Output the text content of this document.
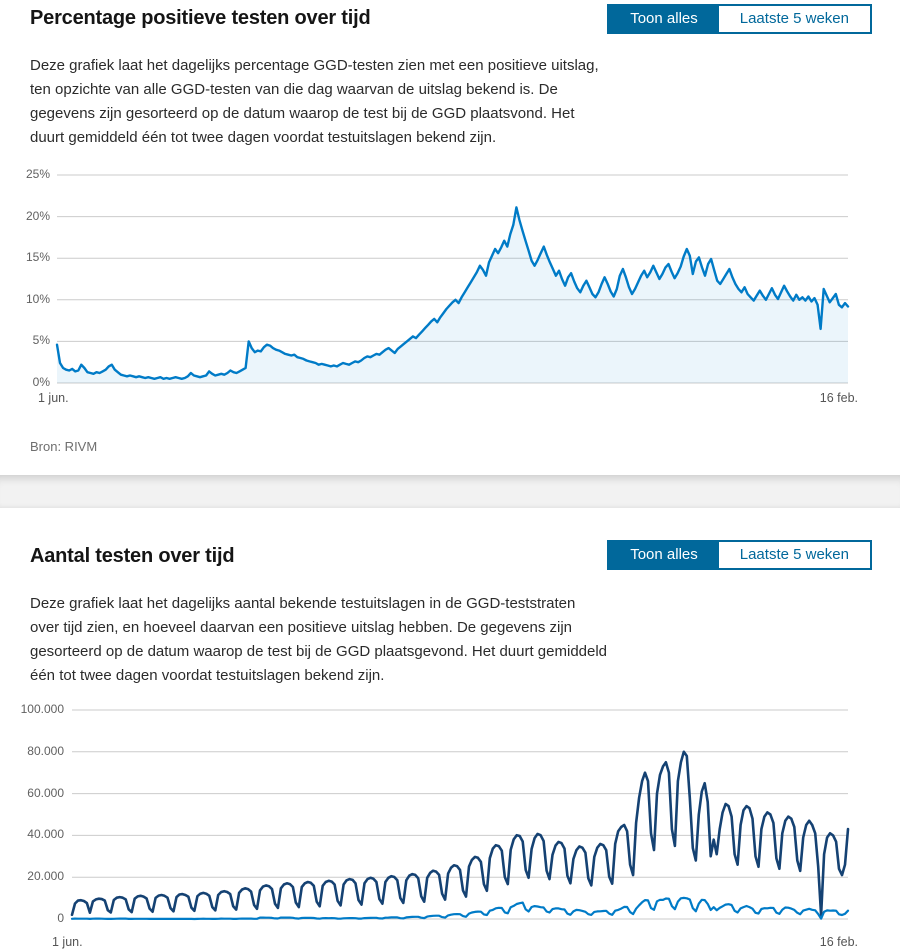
Percentage positieve testen over tijd	Toon alles	Laatste 5 weken

Deze grafiek laat het dagelijks percentage GGD-testen zien met een positieve uitslag, ten opzichte van alle GGD-testen van die dag waarvan de uitslag bekend is. De gegevens zijn gesorteerd op de datum waarop de test bij de GGD plaatsvond. Het duurt gemiddeld één tot twee dagen voordat testuitslagen bekend zijn.

Bron: RIVM
0%
5%
10%
15%
20%
25%
1 jun.	16 feb.
Aantal testen over tijd	Toon alles	Laatste 5 weken

Deze grafiek laat het dagelijks aantal bekende testuitslagen in de GGD-teststraten over tijd zien, en hoeveel daarvan een positieve uitslag hebben. De gegevens zijn gesorteerd op de datum waarop de test bij de GGD plaatsgevond. Het duurt gemiddeld één tot twee dagen voordat testuitslagen bekend zijn.

0
20.000
40.000
60.000
80.000
100.000
1 jun.	16 feb.
